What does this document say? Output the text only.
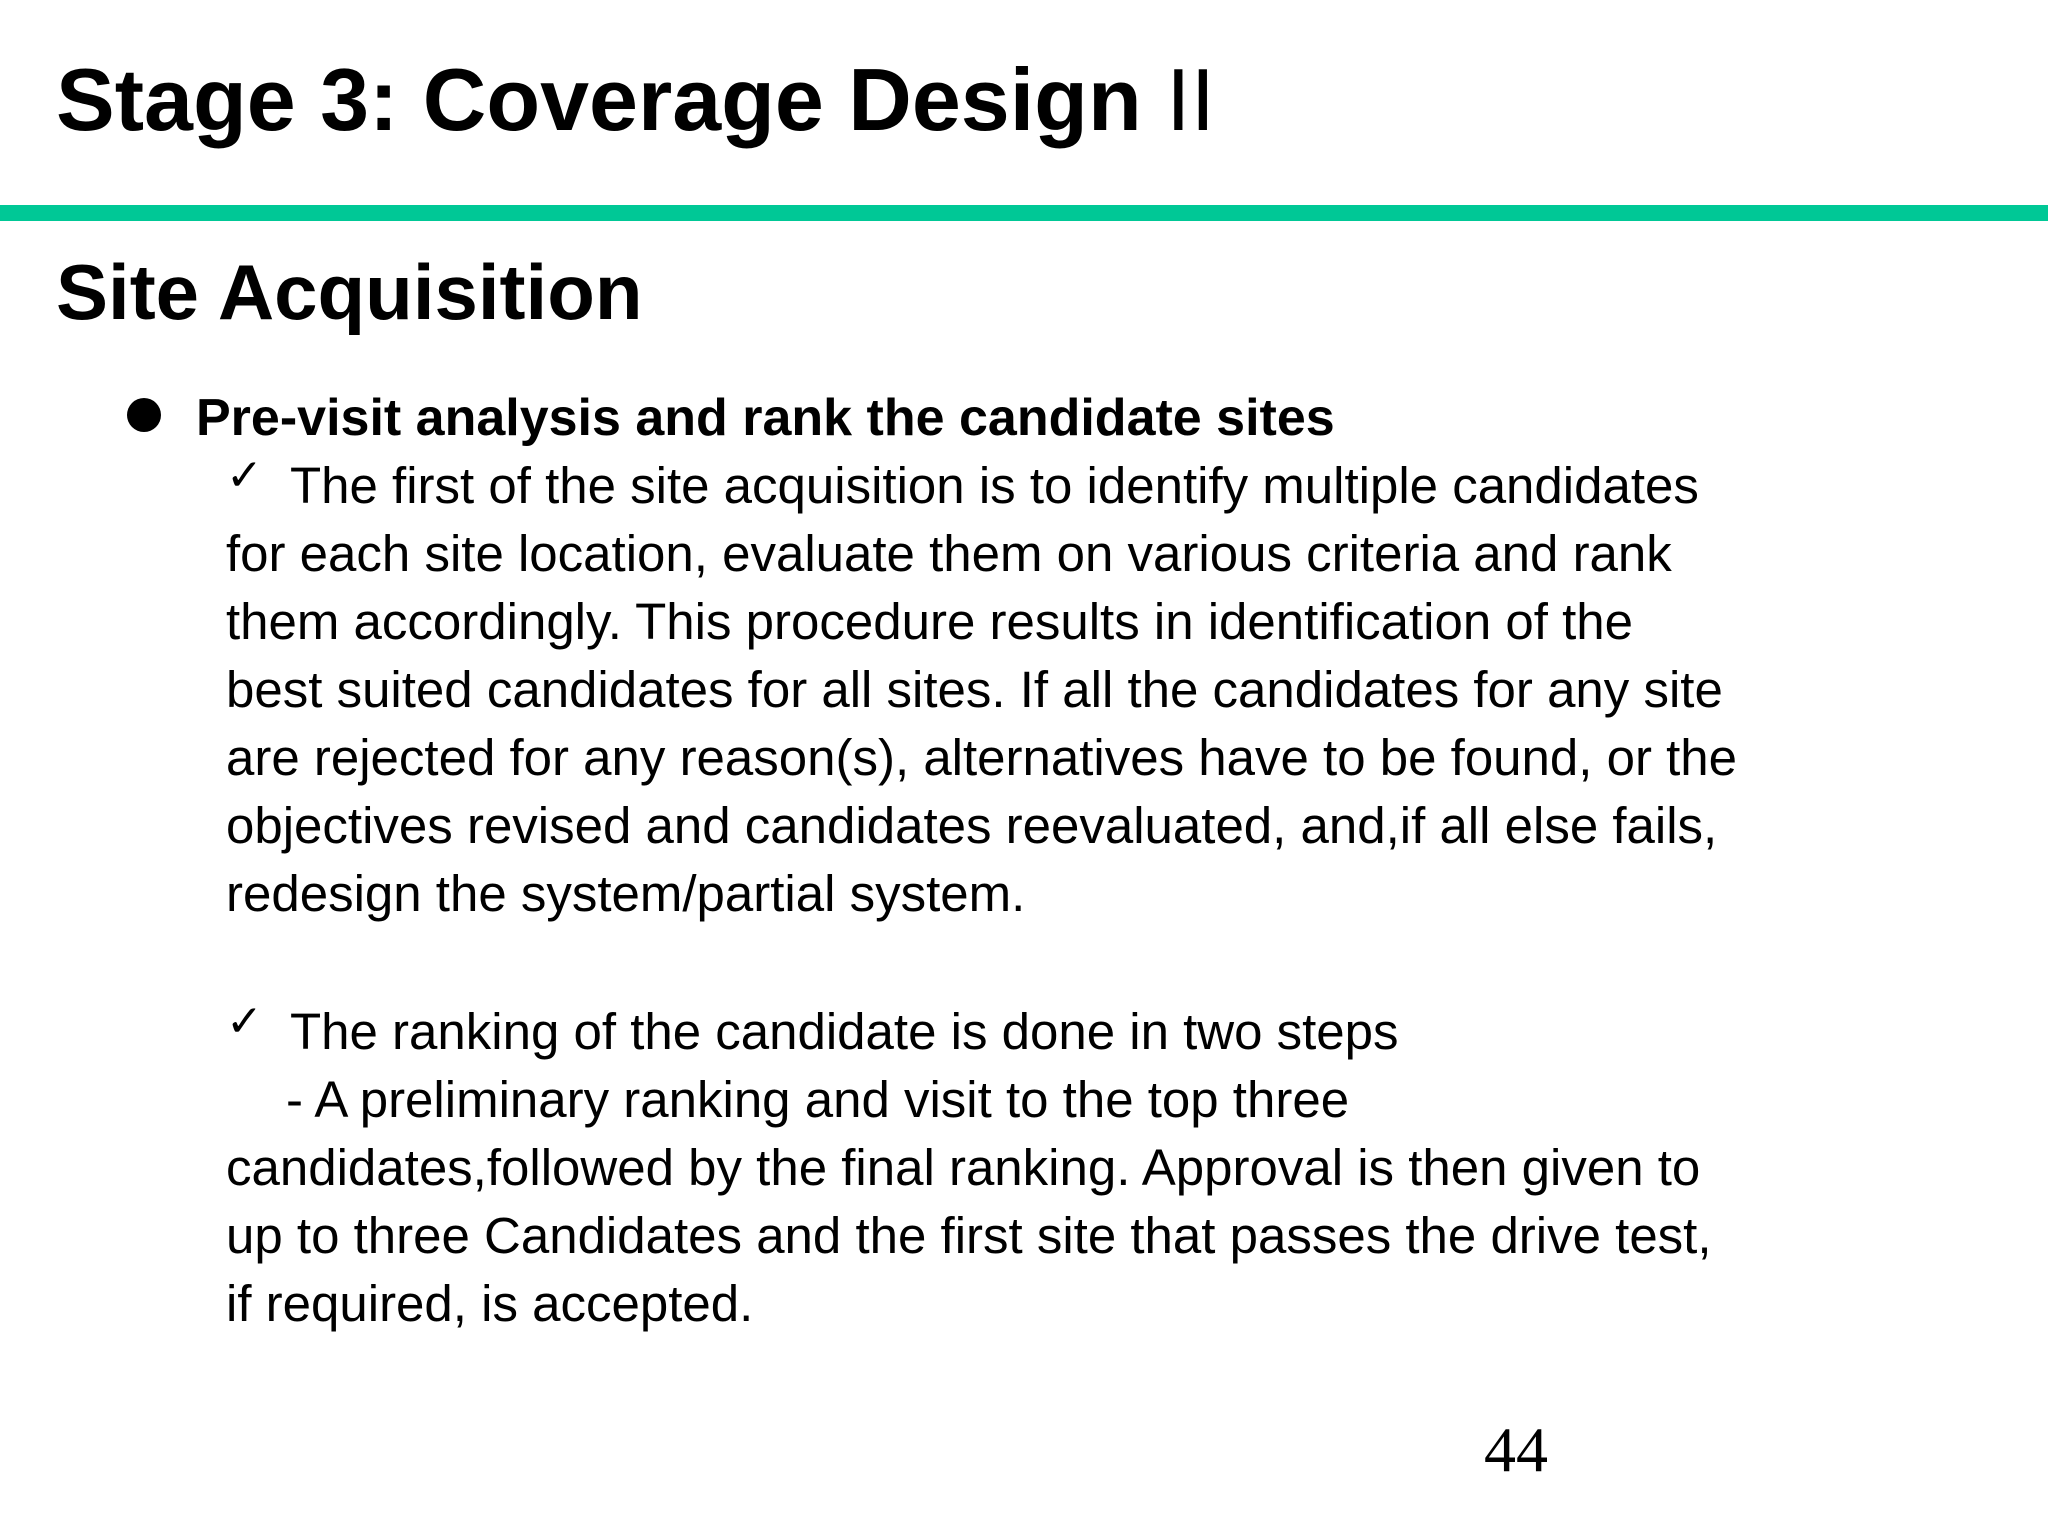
Stage 3: Coverage Design II
Site Acquisition
Pre-visit analysis and rank the candidate sites
✓ The first of the site acquisition is to identify multiple candidates
for each site location, evaluate them on various criteria and rank
them accordingly. This procedure results in identification of the
best suited candidates for all sites. If all the candidates for any site
are rejected for any reason(s), alternatives have to be found, or the
objectives revised and candidates reevaluated, and,if all else fails,
redesign the system/partial system.
✓ The ranking of the candidate is done in two steps
- A preliminary ranking and visit to the top three
candidates,followed by the final ranking. Approval is then given to
up to three Candidates and the first site that passes the drive test,
if required, is accepted.
44
